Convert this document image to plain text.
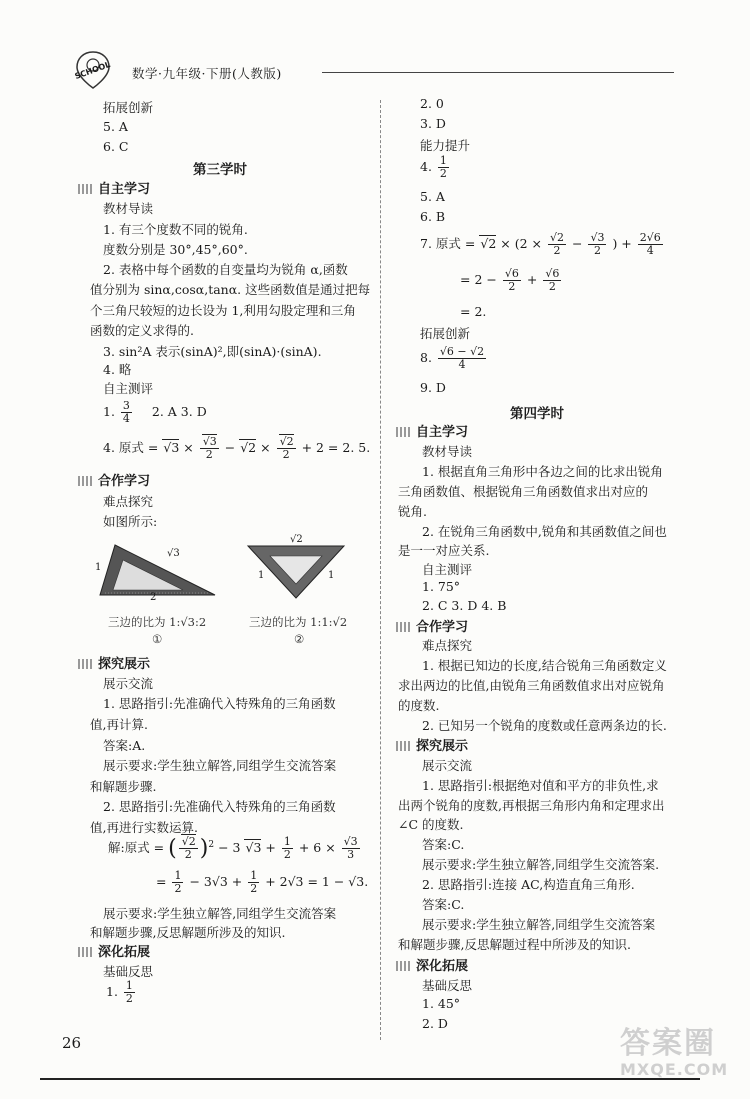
SCHOOL 数学·九年级·下册(人教版)
拓展创新
5. A
6. C
第三学时
自主学习
教材导读
1. 有三个度数不同的锐角.
度数分别是 30°,45°,60°.
2. 表格中每个函数的自变量均为锐角 α,函数
值分别为 sinα,cosα,tanα. 这些函数值是通过把每
个三角尺较短的边长设为 1,利用勾股定理和三角
函数的定义求得的.
3. sin²A 表示(sinA)²,即(sinA)·(sinA).
4. 略
自主测评
1. $\frac{3}{4} 2$. A 3. D
4. 原式 = √ 3 × √ $\frac{3}{2}$ − √ 2 × √ $\frac{2}{2} + 2 = 2$. 5.
合作学习
难点探究
如图所示:
√3
1
2
三边的比为 1:√3:2
①
√2
1	1
三边的比为 1:1:√2
②
探究展示
展示交流
1. 思路指引:先准确代入特殊角的三角函数
值,再计算.
答案:A.
展示要求:学生独立解答,同组学生交流答案
和解题步骤.
2. 思路指引:先准确代入特殊角的三角函数
值,再进行实数运算.
解:原式 = ( √ $\frac{2}{2} )^2 - 3$ √ $3 + \frac{1}{2} + 6 \times \frac{√3}{3}$
= $\frac{1}{2} - 3√3 + \frac{1}{2} + 2√3 = 1 - √3$.
展示要求:学生独立解答,同组学生交流答案
和解题步骤,反思解题所涉及的知识.
深化拓展
基础反思
1. $\frac{1}{2}$
2. 0
3. D
能力提升
4. $\frac{1}{2}$
5. A
6. B
7. 原式 = √ $2 \times (2 \times \frac{√2}{2} - \frac{√3}{2}$ ) + $\frac{2√6}{4}$
= $2 - \frac{√6}{2} + \frac{√6}{2}$
= 2.
拓展创新
8. $\frac{√6 - √2}{4}$
9. D
第四学时
自主学习
教材导读
1. 根据直角三角形中各边之间的比求出锐角
三角函数值、根据锐角三角函数值求出对应的
锐角.
2. 在锐角三角函数中,锐角和其函数值之间也
是一一对应关系.
自主测评
1. 75°
2. C 3. D 4. B
合作学习
难点探究
1. 根据已知边的长度,结合锐角三角函数定义
求出两边的比值,由锐角三角函数值求出对应锐角
的度数.
2. 已知另一个锐角的度数或任意两条边的长.
探究展示
展示交流
1. 思路指引:根据绝对值和平方的非负性,求
出两个锐角的度数,再根据三角形内角和定理求出
∠C 的度数.
答案:C.
展示要求:学生独立解答,同组学生交流答案.
2. 思路指引:连接 AC,构造直角三角形.
答案:C.
展示要求:学生独立解答,同组学生交流答案
和解题步骤,反思解题过程中所涉及的知识.
深化拓展
基础反思
1. 45°
2. D
26	答案圈
MXQE.COM
